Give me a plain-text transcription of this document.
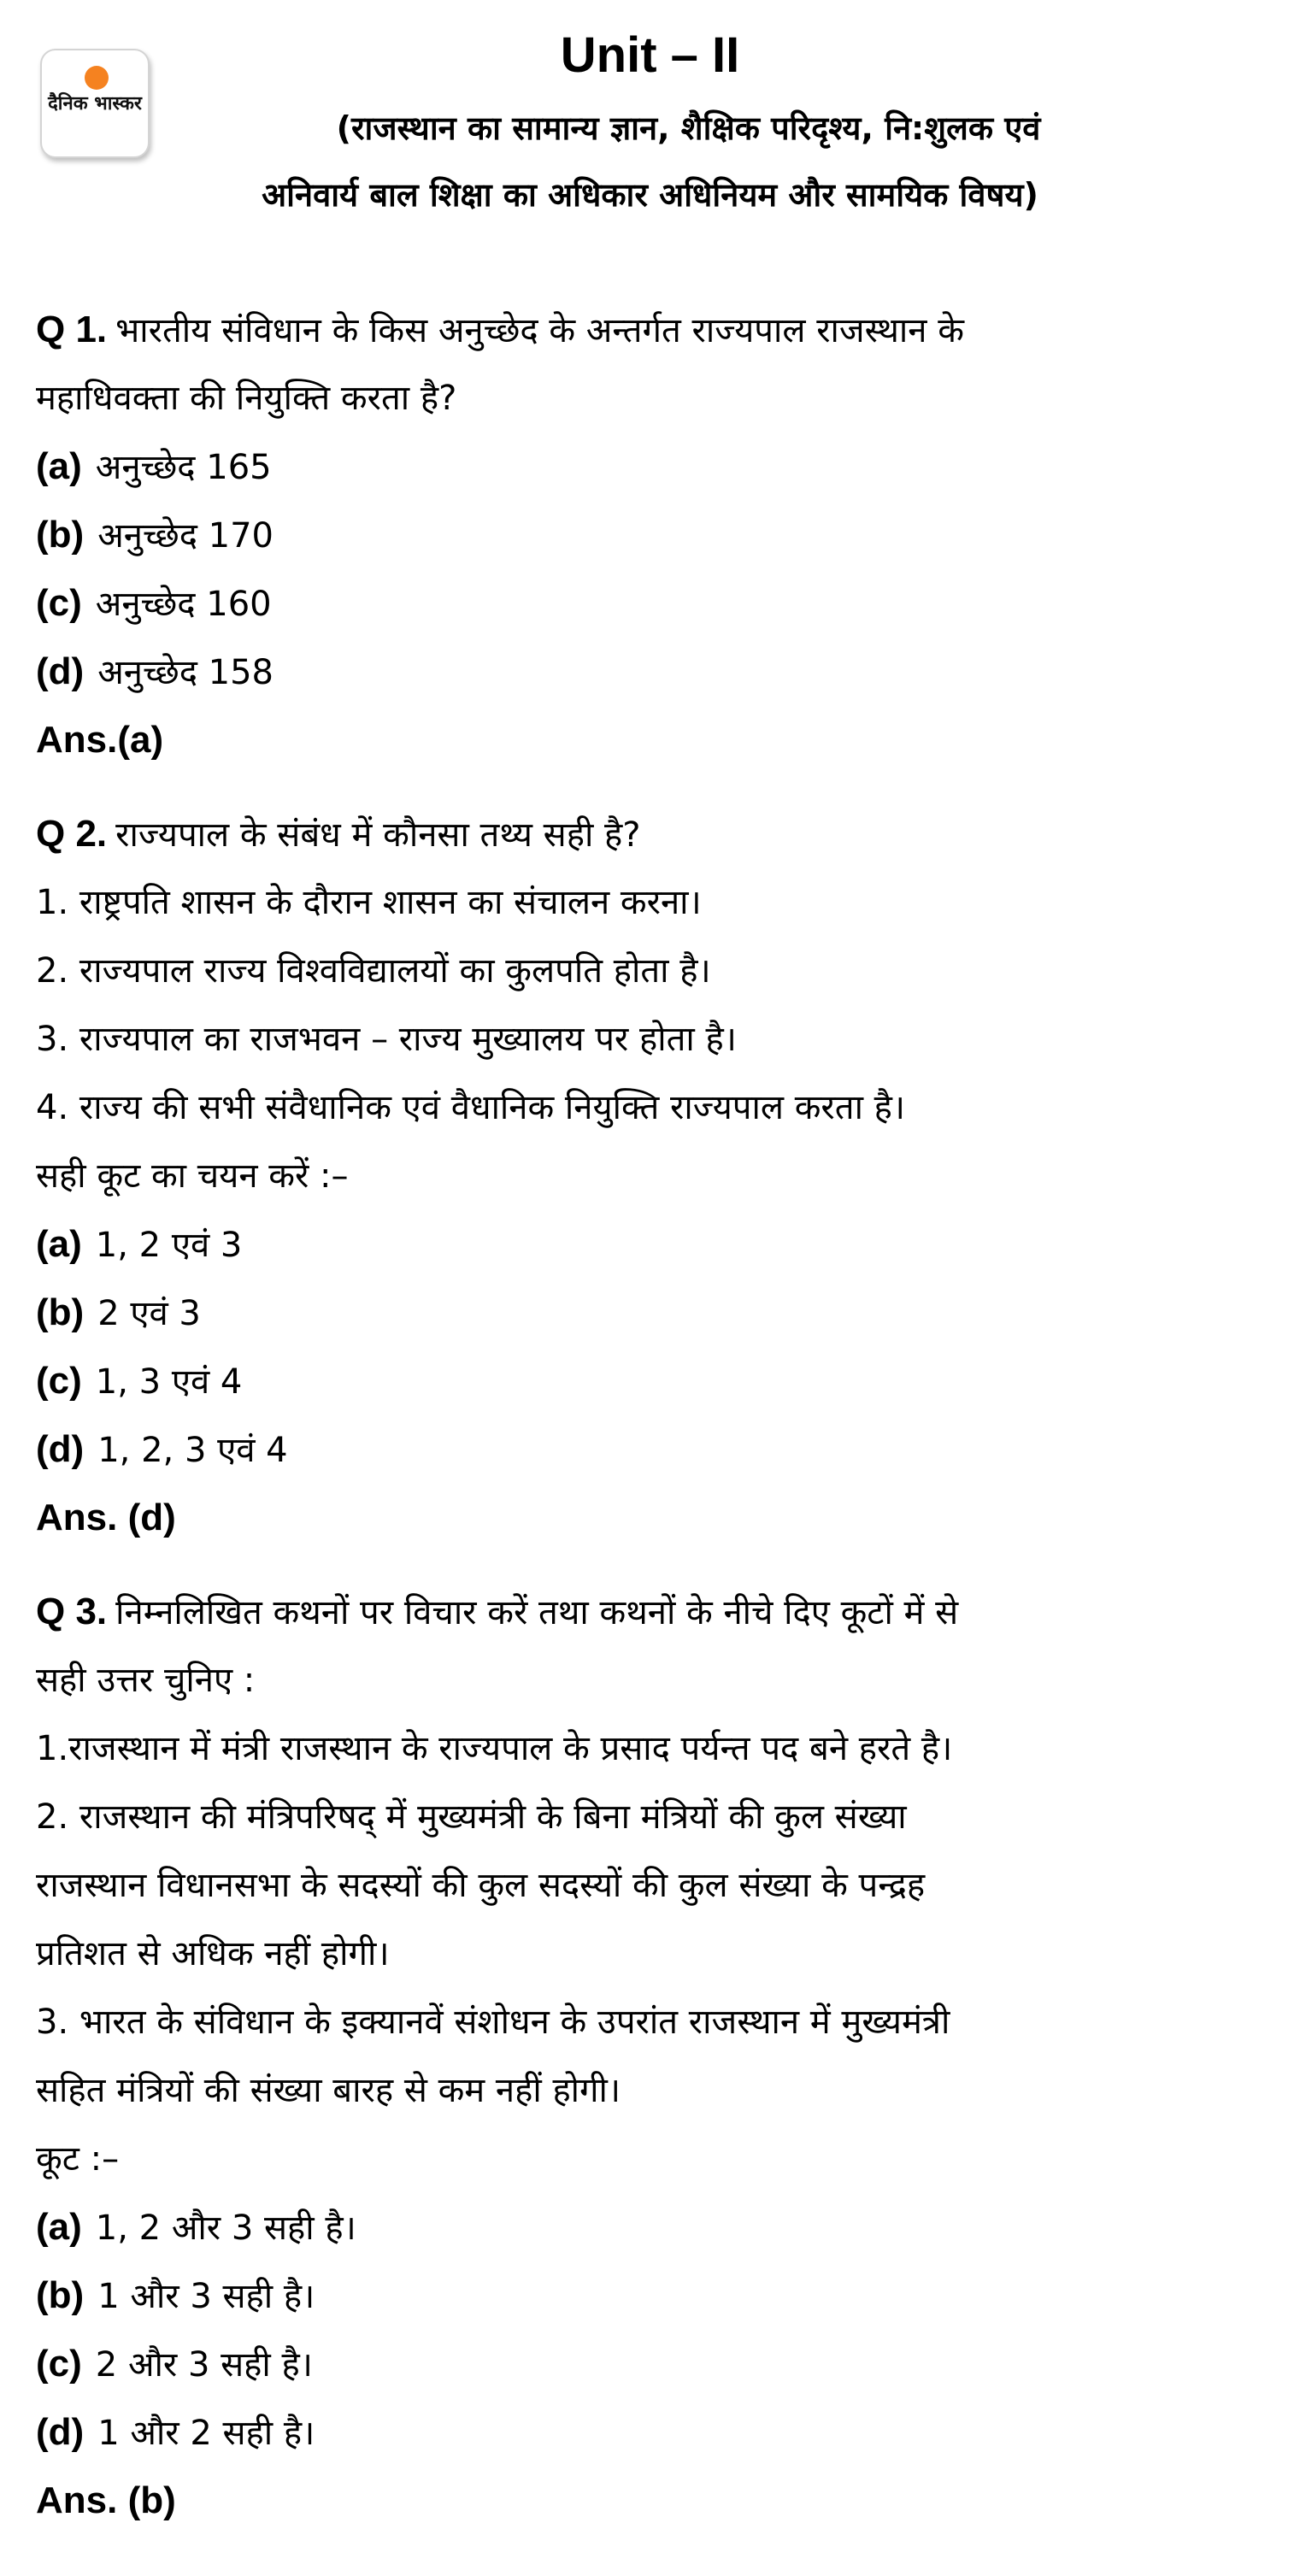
दैनिक भास्कर
Unit – II
(राजस्थान का सामान्य ज्ञान, शैक्षिक परिदृश्य, नि:शुलक एवं
अनिवार्य बाल शिक्षा का अधिकार अधिनियम और सामयिक विषय)
Q 1. भारतीय संविधान के किस अनुच्छेद के अन्तर्गत राज्यपाल राजस्थान के
महाधिवक्ता की नियुक्ति करता है?
(a) अनुच्छेद 165
(b) अनुच्छेद 170
(c) अनुच्छेद 160
(d) अनुच्छेद 158
Ans.(a)
Q 2. राज्यपाल के संबंध में कौनसा तथ्य सही है?
1. राष्ट्रपति शासन के दौरान शासन का संचालन करना।
2. राज्यपाल राज्य विश्वविद्यालयों का कुलपति होता है।
3. राज्यपाल का राजभवन – राज्य मुख्यालय पर होता है।
4. राज्य की सभी संवैधानिक एवं वैधानिक नियुक्ति राज्यपाल करता है।
सही कूट का चयन करें :–
(a) 1, 2 एवं 3
(b) 2 एवं 3
(c) 1, 3 एवं 4
(d) 1, 2, 3 एवं 4
Ans. (d)
Q 3. निम्नलिखित कथनों पर विचार करें तथा कथनों के नीचे दिए कूटों में से
सही उत्तर चुनिए :
1.राजस्थान में मंत्री राजस्थान के राज्यपाल के प्रसाद पर्यन्त पद बने हरते है।
2. राजस्थान की मंत्रिपरिषद् में मुख्यमंत्री के बिना मंत्रियों की कुल संख्या
राजस्थान विधानसभा के सदस्यों की कुल सदस्यों की कुल संख्या के पन्द्रह
प्रतिशत से अधिक नहीं होगी।
3. भारत के संविधान के इक्यानवें संशोधन के उपरांत राजस्थान में मुख्यमंत्री
सहित मंत्रियों की संख्या बारह से कम नहीं होगी।
कूट :–
(a) 1, 2 और 3 सही है।
(b) 1 और 3 सही है।
(c) 2 और 3 सही है।
(d) 1 और 2 सही है।
Ans. (b)
